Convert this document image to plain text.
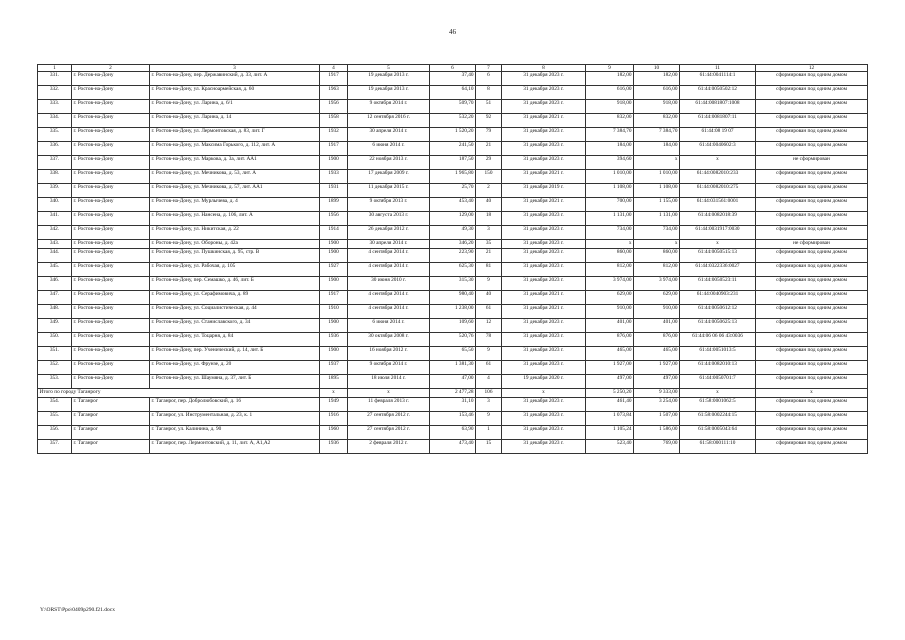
46
1	2	3	4	5	6	7	8	9	10	11	12
331.	г. Ростов-на-Дону	г. Ростов-на-Дону, пер. Державинский, д. 33, лит. А	1917	19 декабря 2013 г.	37,40	6	31 декабря 2023 г.	182,00	182,00	61:44:0041114:1	сформирован под одним домом
332.	г. Ростов-на-Дону	г. Ростов-на-Дону, ул. Красноармейская, д. 60	1963	19 декабря 2013 г.	64,10	8	31 декабря 2023 г.	616,00	616,00	61:44:0050502:12	сформирован под одним домом
333.	г. Ростов-на-Дону	г. Ростов-на-Дону, ул. Ларина, д. 6/1	1956	9 октября 2014 г.	509,70	51	31 декабря 2023 г.	918,00	918,00	61:44:0081807:1008	сформирован под одним домом
334.	г. Ростов-на-Дону	г. Ростов-на-Дону, ул. Ларина, д. 14	1958	12 сентября 2016 г.	532,20	92	31 декабря 2021 г.	832,00	832,00	61:44:0081807:11	сформирован под одним домом
335.	г. Ростов-на-Дону	г. Ростов-на-Дону, ул. Лермонтовская, д. 83, лит. Г	1932	30 апреля 2014 г.	1 520,20	79	31 декабря 2023 г.	7 384,70	7 384,70	61:44:08 19 07	сформирован под одним домом
336.	г. Ростов-на-Дону	г. Ростов-на-Дону, ул. Максима Горького, д. 112, лит. А	1917	6 июня 2014 г.	241,50	21	31 декабря 2023 г.	184,00	184,00	61:44:0040602:3	сформирован под одним домом
337.	г. Ростов-на-Дону	г. Ростов-на-Дону, ул. Маркова, д. 3а, лит. АА1	1900	22 ноября 2013 г.	187,50	29	31 декабря 2023 г.	394,60	х	х	не сформирован
338.	г. Ростов-на-Дону	г. Ростов-на-Дону, ул. Мечникова, д. 53, лит. А	1933	17 декабря 2009 г.	1 965,80	150	31 декабря 2021 г.	1 010,00	1 010,00	61:44:0082010:233	сформирован под одним домом
339.	г. Ростов-на-Дону	г. Ростов-на-Дону, ул. Мечникова, д. 57, лит. АА1	1931	11 декабря 2015 г.	25,70	2	31 декабря 2019 г.	1 108,00	1 108,00	61:44:0082010:275	сформирован под одним домом
340.	г. Ростов-на-Дону	г. Ростов-на-Дону, ул. Мурлычева, д. 4	1899	9 октября 2013 г.	453,40	40	31 декабря 2021 г.	700,00	1 155,00	61:44:031561:0001	сформирован под одним домом
341.	г. Ростов-на-Дону	г. Ростов-на-Дону, ул. Нансена, д. 106, лит. А	1956	30 августа 2013 г.	129,00	18	31 декабря 2023 г.	1 131,00	1 131,00	61:44:0082018:39	сформирован под одним домом
342.	г. Ростов-на-Дону	г. Ростов-на-Дону, ул. Никитская, д. 22	1914	26 декабря 2012 г.	49,30	3	31 декабря 2023 г.	734,00	734,00	61:44:0031917:0030	сформирован под одним домом
343.	г. Ростов-на-Дону	г. Ростов-на-Дону, ул. Обороны, д. 42а	1900	30 апреля 2014 г.	346,20	35	31 декабря 2023 г.	х	х	х	не сформирован
344.	г. Ростов-на-Дону	г. Ростов-на-Дону, ул. Пушкинская, д. 95, стр. В	1900	4 сентября 2014 г.	223,90	21	31 декабря 2023 г.	860,00	860,00	61:44:0050515:13	сформирован под одним домом
345.	г. Ростов-на-Дону	г. Ростов-на-Дону, ул. Рабочая, д. 105	1927	4 сентября 2014 г.	625,30	81	31 декабря 2023 г.	812,00	812,00	61:44:0322336:0027	сформирован под одним домом
346.	г. Ростов-на-Дону	г. Ростов-на-Дону, пер. Семашко, д. 46, лит. Б	1900	30 июня 2010 г.	315,30	9	31 декабря 2023 г.	3 974,00	3 974,00	61:44:0050523:11	сформирован под одним домом
347.	г. Ростов-на-Дону	г. Ростов-на-Дону, ул. Серафимовича, д. 89	1917	4 сентября 2014 г.	980,40	40	31 декабря 2021 г.	629,00	629,00	61:44:0040903:231	сформирован под одним домом
348.	г. Ростов-на-Дону	г. Ростов-на-Дону, ул. Социалистическая, д. 44	1910	4 сентября 2014 г.	1 238,00	61	31 декабря 2021 г.	910,00	910,00	61:44:0050612:12	сформирован под одним домом
349.	г. Ростов-на-Дону	г. Ростов-на-Дону, ул. Станиславского, д. 34	1900	6 июня 2014 г.	109,60	12	31 декабря 2023 г.	401,00	401,00	61:44:0050625:13	сформирован под одним домом
350.	г. Ростов-на-Дону	г. Ростов-на-Дону, ул. Тоцарня, д. 84	1936	30 октября 2008 г.	520,76	78	31 декабря 2023 г.	876,00	876,00	61:44:06 06 06 43:0036	сформирован под одним домом
351.	г. Ростов-на-Дону	г. Ростов-на-Дону, пер. Ученический, д. 14, лит. Б	1900	16 ноября 2012 г.	65,50	9	31 декабря 2023 г.	465,00	465,00	61:44:0051013:5	сформирован под одним домом
352.	г. Ростов-на-Дону	г. Ростов-на-Дону, ул. Фрунзе, д. 20	1937	9 октября 2014 г.	1 381,30	61	31 декабря 2023 г.	1 927,00	1 927,00	61:44:0082010:13	сформирован под одним домом
353.	г. Ростов-на-Дону	г. Ростов-на-Дону, ул. Шаумяна, д. 37, лит. Б	1895	18 июля 2014 г.	47,00	4	19 декабря 2020 г.	497,00	497,00	61:44:0050701:7	сформирован под одним домом
Итого по городу Таганрогу			х	х	2 477,28	106	х	5 250,20	9 333,00	х	х
354.	г. Таганрог	г. Таганрог, пер. Добролюбовский, д. 16	1949	11 февраля 2013 г.	31,10	3	31 декабря 2023 г.	461,40	3 254,00	61:58:0001062:5	сформирован под одним домом
355.	г. Таганрог	г. Таганрог, ул. Инструментальная, д. 23, к. 1	1916	27 сентября 2012 г.	153,46	9	31 декабря 2023 г.	1 073,84	1 507,00	61:58:0002244:15	сформирован под одним домом
356.	г. Таганрог	г. Таганрог, ул. Калинина, д. 90	1960	27 сентября 2012 г.	63,90	1	31 декабря 2023 г.	1 105,24	1 586,00	61:58:0005043:64	сформирован под одним домом
357.	г. Таганрог	г. Таганрог, пер. Лермонтовский, д. 11, лит. А, А1,А2	1936	2 февраля 2012 г.	473,40	15	31 декабря 2023 г.	523,40	769,00	61:58:000111:10	сформирован под одним домом
Y:\ORST\Ppo\0409p290.f21.docx
